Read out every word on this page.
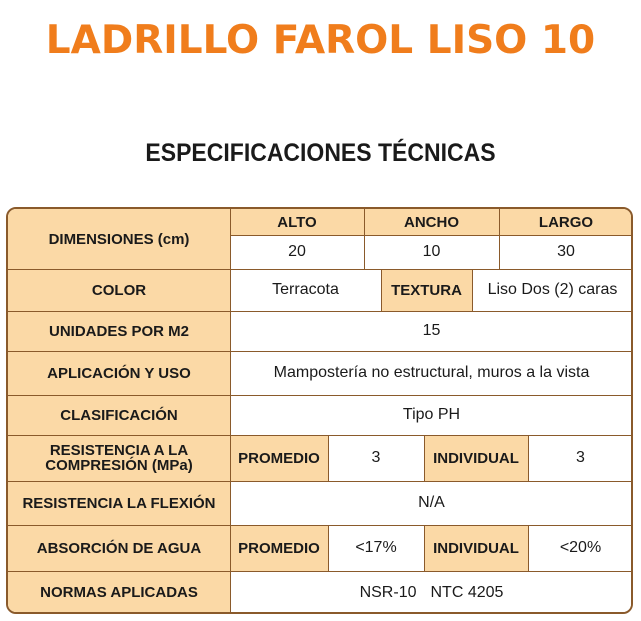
LADRILLO FAROL LISO 10
ESPECIFICACIONES TÉCNICAS
DIMENSIONES (cm)
ALTO	ANCHO	LARGO
20	10	30
COLOR	Terracota	TEXTURA	Liso Dos (2) caras
UNIDADES POR M2	15
APLICACIÓN Y USO	Mampostería no estructural, muros a la vista
CLASIFICACIÓN	Tipo PH
RESISTENCIA A LA
COMPRESIÓN (MPa)	PROMEDIO	3	INDIVIDUAL	3
RESISTENCIA LA FLEXIÓN	N/A
ABSORCIÓN DE AGUA	PROMEDIO	<17%	INDIVIDUAL	<20%
NORMAS APLICADAS	NSR-10 NTC 4205
